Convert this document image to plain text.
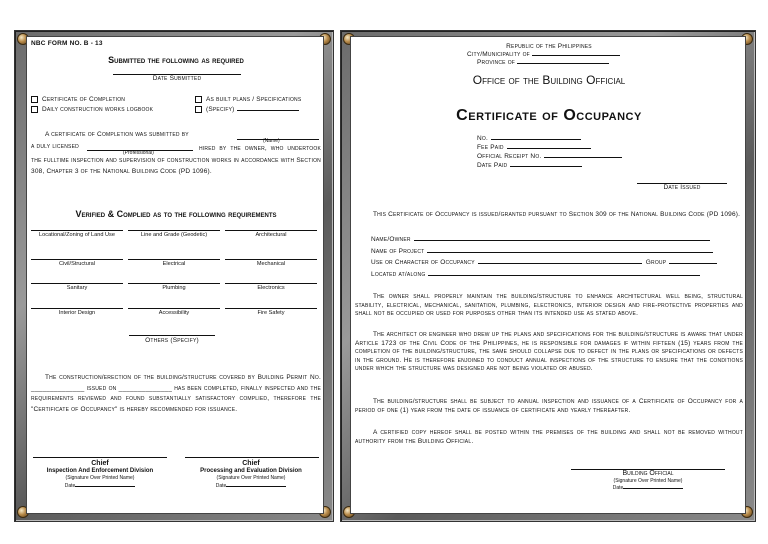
NBC FORM NO. B - 13
Submitted the following as required
Date Submitted
Certificate of Completion
Daily construction works logbook
As built plans / Specifications
(Specify)
A certificate of Completion was submitted by
(Name)
a duly licensed
(Professional)
hired by the owner, who undertook the fulltime inspection and supervision of construction works in accordance with Section 308, Chapter 3 of the National Building Code (PD 1096).
Verified & Complied as to the following requirements
Locational/Zoning of Land Use	Line and Grade (Geodetic)	Architectural
Civil/Structural	Electrical	Mechanical
Sanitary	Plumbing	Electronics
Interior Design	Accessibility	Fire Safety
Others (Specify)
The construction/erection of the building/structure covered by Building Permit No. ______________ issued on ______________ has been completed, finally inspected and the requirements reviewed and found substantially satisfactory complied, therefore the "Certificate of Occupancy" is hereby recommended for issuance.
Chief
Inspection And Enforcement Division
(Signature Over Printed Name)
Date
Chief
Processing and Evaluation Division
(Signature Over Printed Name)
Date
Republic of the Philippines
City/Municipality of
Province of
Office of the Building Official
Certificate of Occupancy
No.
Fee Paid
Official Receipt No.
Date Paid
Date Issued
This Certificate of Occupancy is issued/granted pursuant to Section 309 of the National Building Code (PD 1096).
Name/Owner
Name of Project
Use or Character of Occupancy	Group
Located at/along
The owner shall properly maintain the building/structure to enhance architectural well being, structural stability, electrical, mechanical, sanitation, plumbing, electronics, interior design and fire-protective properties and shall not be occupied or used for purposes other than its intended use as stated above.
The architect or engineer who drew up the plans and specifications for the building/structure is aware that under Article 1723 of the Civil Code of the Philippines, he is responsible for damages if within fifteen (15) years from the completion of the building/structure, the same should collapse due to defect in the plans or specifications or defects in the ground. He is therefore enjoined to conduct annual inspections of the structure to ensure that the conditions under which the structure was designed are not being violated or abused.
The building/structure shall be subject to annual inspection and issuance of a Certificate of Occupancy for a period of one (1) year from the date of issuance of certificate and yearly thereafter.
A certified copy hereof shall be posted within the premises of the building and shall not be removed without authority from the Building Official.
Building Official
(Signature Over Printed Name)
Date
